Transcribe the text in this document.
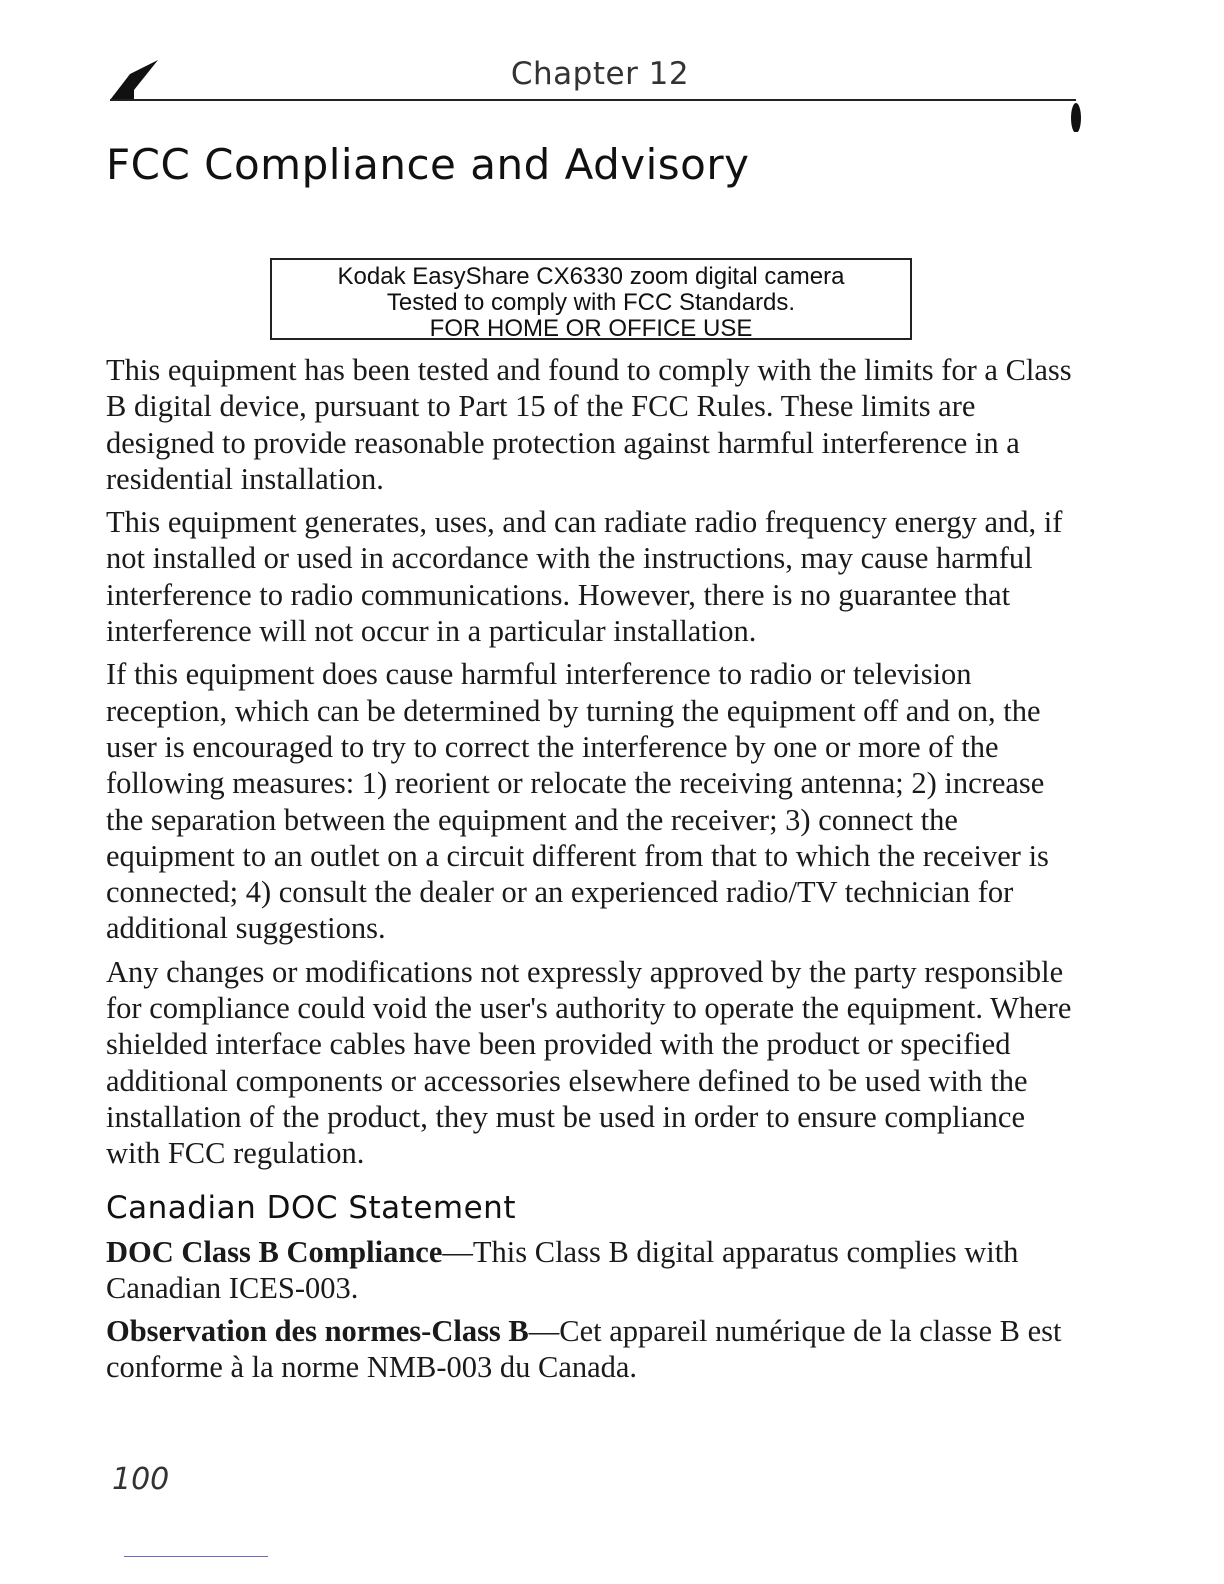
Chapter 12
FCC Compliance and Advisory
Kodak EasyShare CX6330 zoom digital camera
Tested to comply with FCC Standards.
FOR HOME OR OFFICE USE

This equipment has been tested and found to comply with the limits for a Class B digital device, pursuant to Part 15 of the FCC Rules. These limits are designed to provide reasonable protection against harmful interference in a residential installation.

This equipment generates, uses, and can radiate radio frequency energy and, if not installed or used in accordance with the instructions, may cause harmful interference to radio communications. However, there is no guarantee that interference will not occur in a particular installation.

If this equipment does cause harmful interference to radio or television reception, which can be determined by turning the equipment off and on, the user is encouraged to try to correct the interference by one or more of the following measures: 1) reorient or relocate the receiving antenna; 2) increase the separation between the equipment and the receiver; 3) connect the equipment to an outlet on a circuit different from that to which the receiver is connected; 4) consult the dealer or an experienced radio/TV technician for additional suggestions.

Any changes or modifications not expressly approved by the party responsible for compliance could void the user's authority to operate the equipment. Where shielded interface cables have been provided with the product or specified additional components or accessories elsewhere defined to be used with the installation of the product, they must be used in order to ensure compliance with FCC regulation.

Canadian DOC Statement

DOC Class B Compliance—This Class B digital apparatus complies with Canadian ICES-003.

Observation des normes-Class B—Cet appareil numérique de la classe B est conforme à la norme NMB-003 du Canada.

100
